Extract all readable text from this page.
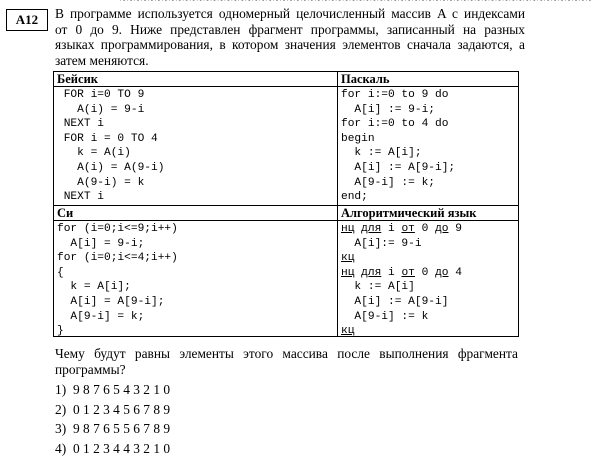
~~~~~~~~~~~~~~~~~~~~~~~~~~~~~~~~~~~~~~~~~~~~~~~~~~~~~~~~~~~~~~~~~~~~
A12	В программе используется одномерный целочисленный массив A с индексами
от 0 до 9. Ниже представлен фрагмент программы, записанный на разных
языках программирования, в котором значения элементов сначала задаются, а
затем меняются.
Бейсик
FOR i=0 TO 9
A(i) = 9-i
NEXT i
FOR i = 0 TO 4
k = A(i)
A(i) = A(9-i)
A(9-i) = k
NEXT i
Паскаль
for i:=0 to 9 do
A[i] := 9-i;
for i:=0 to 4 do
begin
k := A[i];
A[i] := A[9-i];
A[9-i] := k;
end;
Си
for (i=0;i<=9;i++)
A[i] = 9-i;
for (i=0;i<=4;i++)
{
k = A[i];
A[i] = A[9-i];
A[9-i] = k;
}
Алгоритмический язык
нц для i от 0 до 9
A[i]:= 9-i
кц
нц для i от 0 до 4
k := A[i]
A[i] := A[9-i]
A[9-i] := k
кц
Чему будут равны элементы этого массива после выполнения фрагмента программы?
1) 9 8 7 6 5 4 3 2 1 0
2) 0 1 2 3 4 5 6 7 8 9
3) 9 8 7 6 5 5 6 7 8 9
4) 0 1 2 3 4 4 3 2 1 0
